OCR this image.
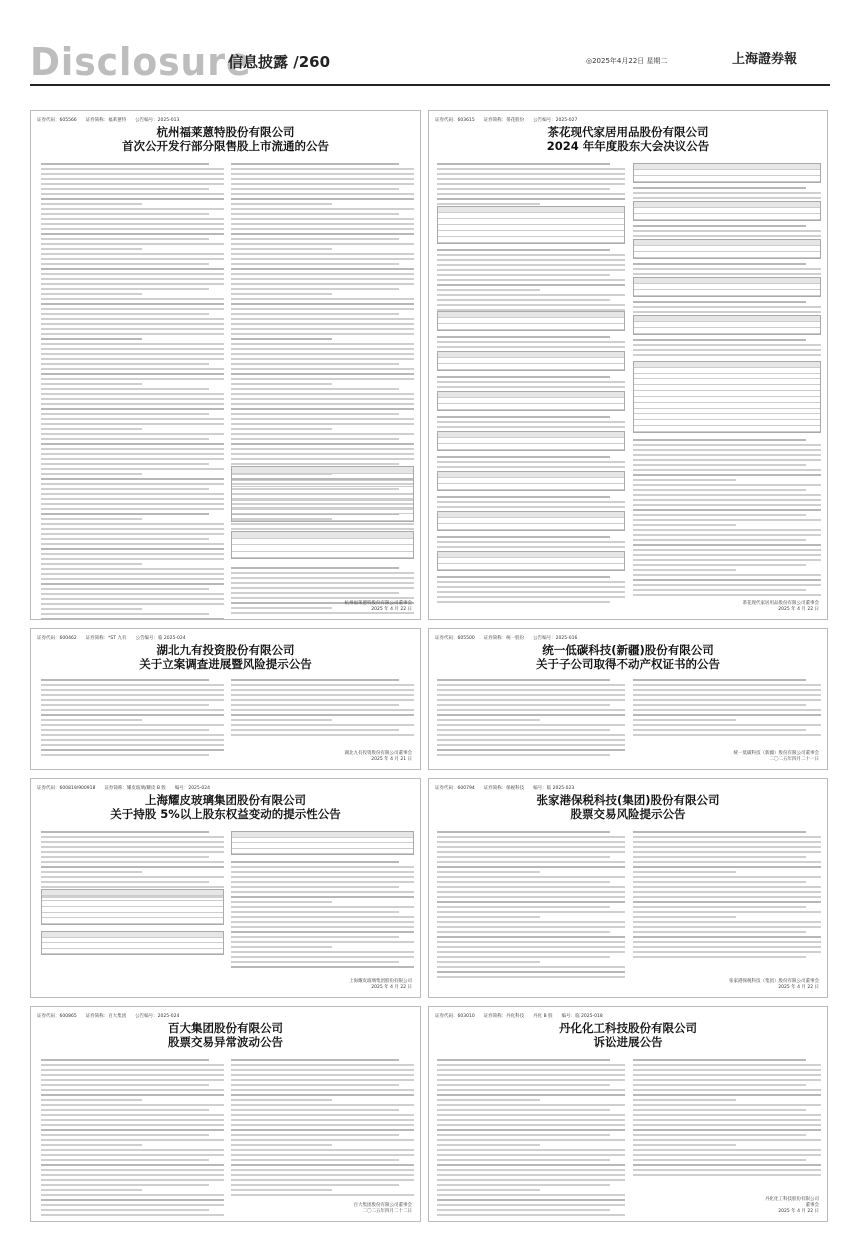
Disclosure
信息披露 /260	◎2025年4月22日 星期二	上海證券報
证券代码：605566　　证券简称：福莱蒽特　　公告编号：2025-013
杭州福莱蒽特股份有限公司
首次公开发行部分限售股上市流通的公告
杭州福莱蒽特股份有限公司董事会
2025 年 4 月 22 日
证券代码：603615　　证券简称：茶花股份　　公告编号：2025-027
茶花现代家居用品股份有限公司
2024 年年度股东大会决议公告
茶花现代家居用品股份有限公司董事会
2025 年 4 月 22 日
证券代码：600462　　证券简称：*ST 九有　　公告编号：临 2025-024
湖北九有投资股份有限公司
关于立案调查进展暨风险提示公告
湖北九有投资股份有限公司董事会
2025 年 4 月 21 日
证券代码：605500　　证券简称：统一股份　　公告编号：2025-016
统一低碳科技(新疆)股份有限公司
关于子公司取得不动产权证书的公告
统一低碳科技（新疆）股份有限公司董事会
二〇二五年四月二十一日
证券代码：600819/900918　　证券简称：耀皮玻璃/耀皮 B 股　　编号：2025-024
上海耀皮玻璃集团股份有限公司
关于持股 5%以上股东权益变动的提示性公告
上海耀皮玻璃集团股份有限公司
2025 年 4 月 22 日
证券代码：600794　　证券简称：保税科技　　编号：临 2025-023
张家港保税科技(集团)股份有限公司
股票交易风险提示公告
张家港保税科技（集团）股份有限公司董事会
2025 年 4 月 22 日
证券代码：600865　　证券简称：百大集团　　公告编号：2025-024
百大集团股份有限公司
股票交易异常波动公告
百大集团股份有限公司董事会
二〇二五年四月二十二日
证券代码：603010　　证券简称：丹化科技　　丹化 B 股　　编号：临 2025-018
丹化化工科技股份有限公司
诉讼进展公告
丹化化工科技股份有限公司
董事会
2025 年 4 月 22 日
